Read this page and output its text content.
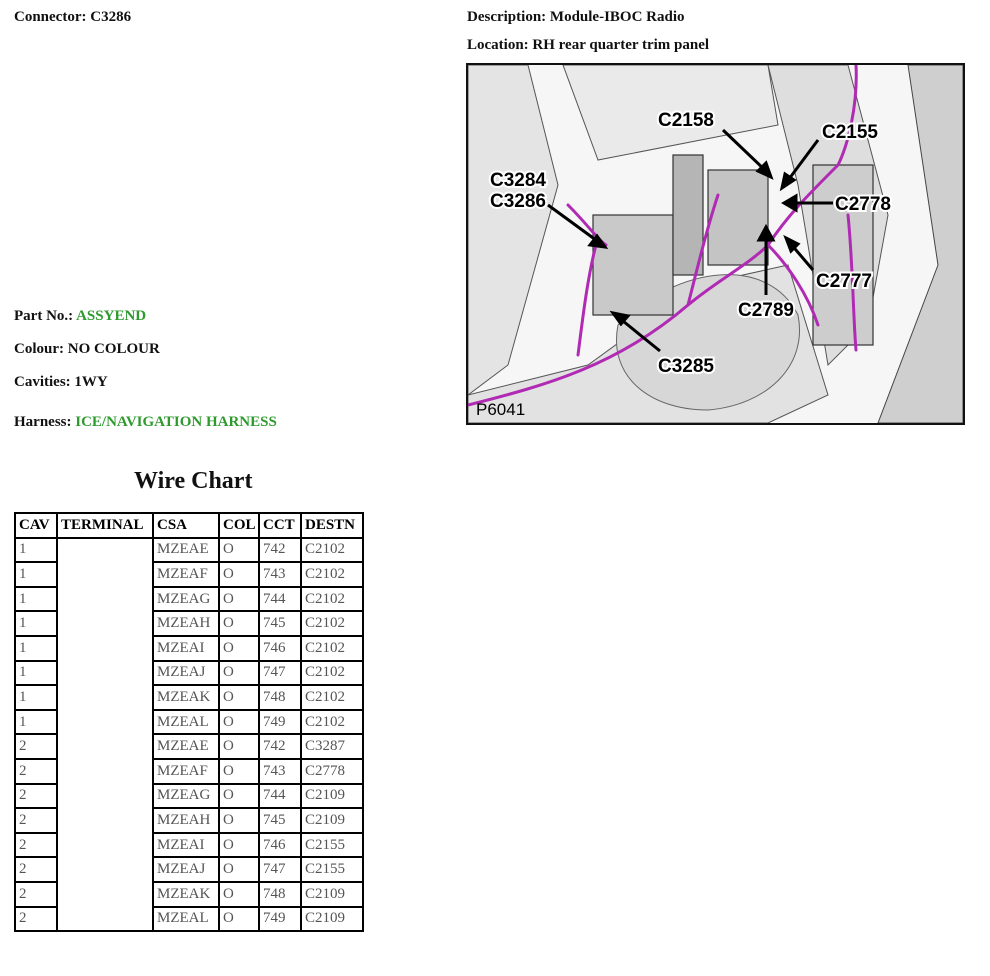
Connector: C3286	Description: Module-IBOC Radio
Location: RH rear quarter trim panel
Part No.: ASSYEND
Colour: NO COLOUR
Cavities: 1WY
Harness: ICE/NAVIGATION HARNESS
C2158
C2155
C3284
C3286	C2778
C2777
C2789
C3285
P6041
Wire Chart
CAV	TERMINAL	CSA	COL	CCT	DESTN
1		MZEAE	O	742	C2102
1		MZEAF	O	743	C2102
1		MZEAG	O	744	C2102
1		MZEAH	O	745	C2102
1		MZEAI	O	746	C2102
1		MZEAJ	O	747	C2102
1		MZEAK	O	748	C2102
1		MZEAL	O	749	C2102
2		MZEAE	O	742	C3287
2		MZEAF	O	743	C2778
2		MZEAG	O	744	C2109
2		MZEAH	O	745	C2109
2		MZEAI	O	746	C2155
2		MZEAJ	O	747	C2155
2		MZEAK	O	748	C2109
2		MZEAL	O	749	C2109
